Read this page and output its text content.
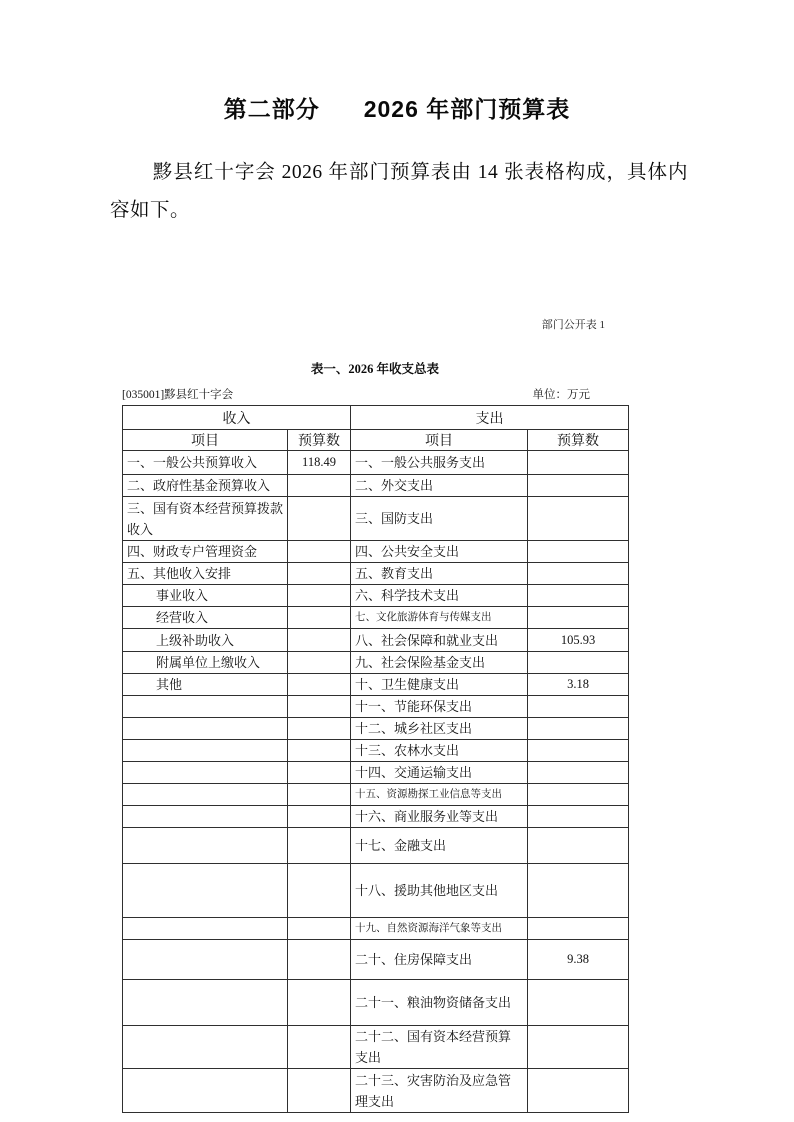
第二部分 2026 年部门预算表

黟县红十字会 2026 年部门预算表由 14 张表格构成，具体内容如下。

部门公开表 1
表一、2026 年收支总表
[035001]黟县红十字会	单位：万元
收入		支出	
项目	预算数	项目	预算数
一、一般公共预算收入	118.49	一、一般公共服务支出	
二、政府性基金预算收入		二、外交支出	
三、国有资本经营预算拨款收入		三、国防支出	
四、财政专户管理资金		四、公共安全支出	
五、其他收入安排		五、教育支出	
事业收入		六、科学技术支出	
经营收入		七、文化旅游体育与传媒支出	
上级补助收入		八、社会保障和就业支出	105.93
附属单位上缴收入		九、社会保险基金支出	
其他		十、卫生健康支出	3.18
		十一、节能环保支出	
		十二、城乡社区支出	
		十三、农林水支出	
		十四、交通运输支出	
		十五、资源勘探工业信息等支出	
		十六、商业服务业等支出	
		十七、金融支出	
		十八、援助其他地区支出	
		十九、自然资源海洋气象等支出	
		二十、住房保障支出	9.38
		二十一、粮油物资储备支出	
		二十二、国有资本经营预算支出	
		二十三、灾害防治及应急管理支出	
